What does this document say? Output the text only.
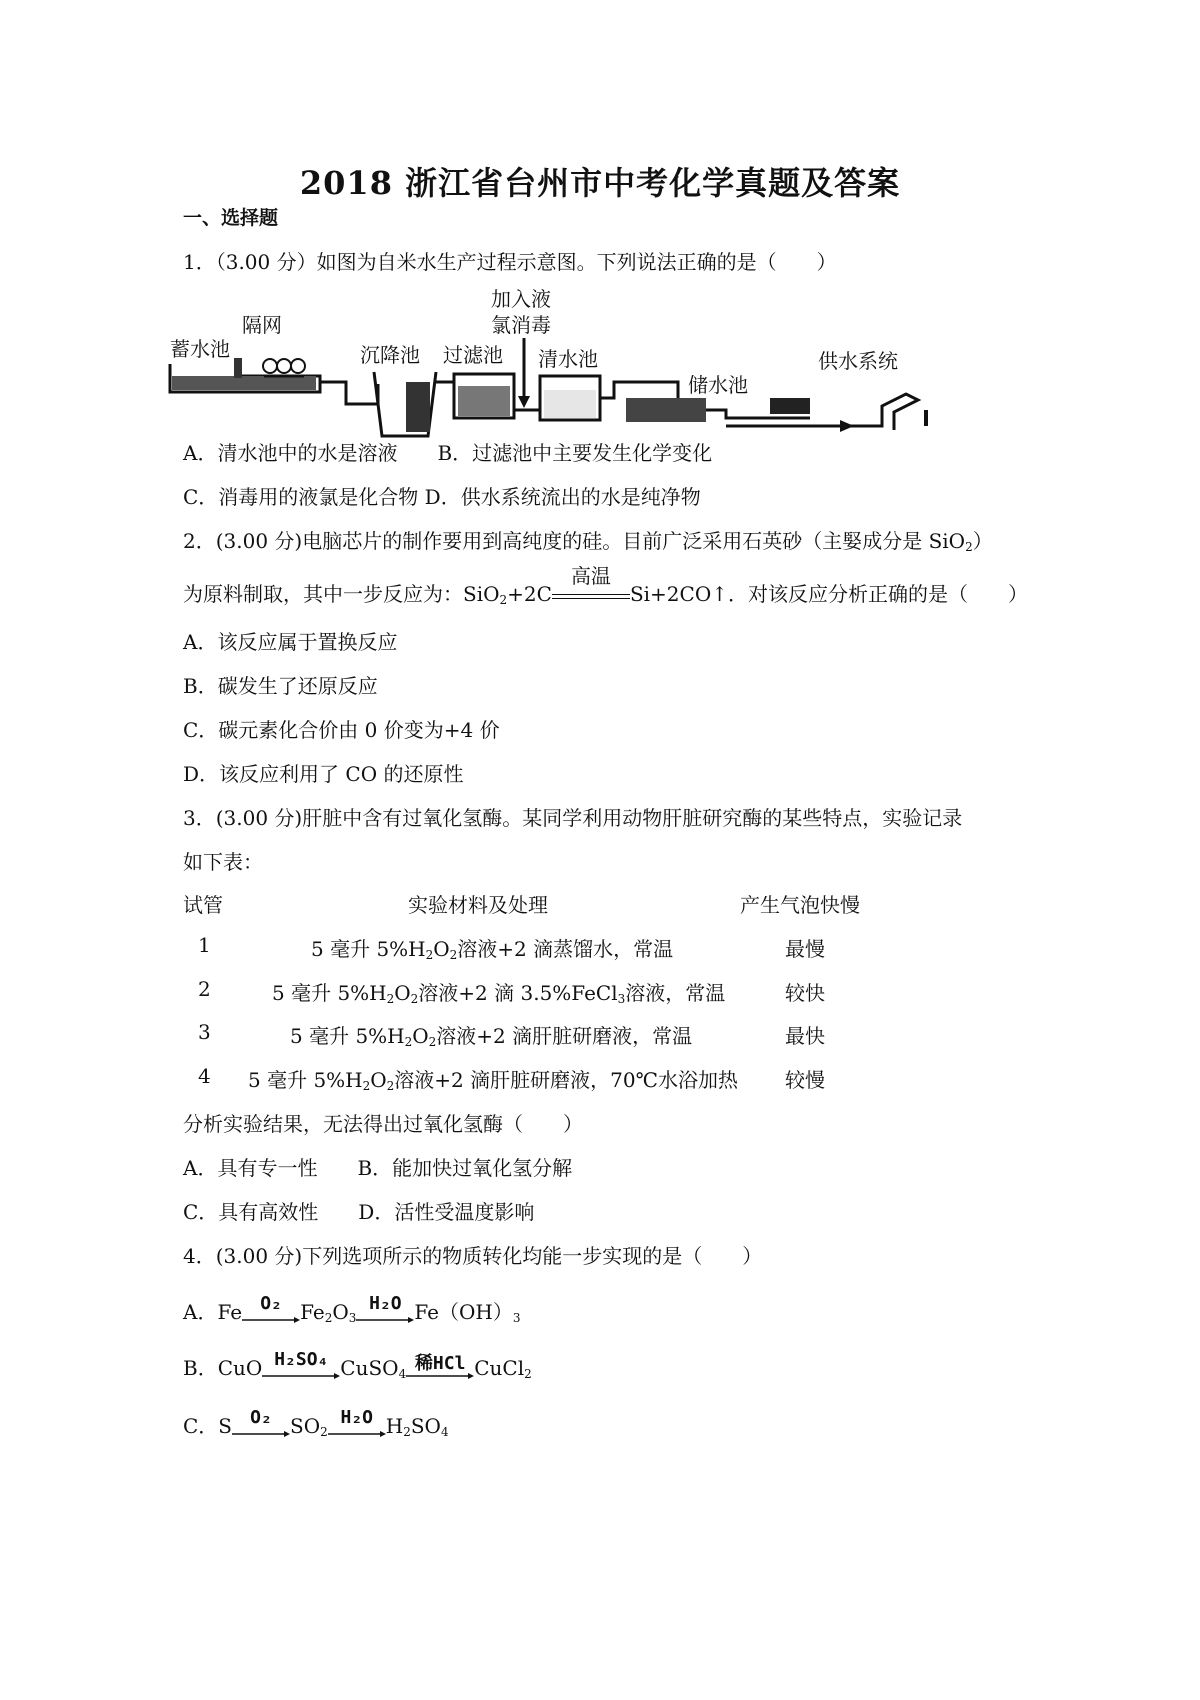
2018 浙江省台州市中考化学真题及答案
一、选择题
1．（3.00 分）如图为自米水生产过程示意图。下列说法正确的是（　　）
蓄水池
隔网
沉降池 过滤池
加入液
氯消毒
清水池
储水池
供水系统
A．清水池中的水是溶液　　B．过滤池中主要发生化学变化
C．消毒用的液氯是化合物 D．供水系统流出的水是纯净物
2．(3.00 分)电脑芯片的制作要用到高纯度的硅。目前广泛采用石英砂（主婜成分是 SiO$_2$）
为原料制取，其中一步反应为：SiO$_2$+2C
高温
Si+2CO↑．对该反应分析正确的是（　　）
A．该反应属于置换反应
B．碳发生了还原反应
C．碳元素化合价由 0 价变为+4 价
D．该反应利用了 CO 的还原性
3．(3.00 分)肝脏中含有过氧化氢酶。某同学利用动物肝脏研究酶的某些特点，实验记录
如下表：
试管	实验材料及处理	产生气泡快慢
1	5 毫升 $5\%H_2O_2$溶液+2 滴蒸馏水，常温	最慢
2	5 毫升 $5\%H_2O_2$溶液+2 滴 3.5%FeCl$_3$溶液，常温	较快
3	5 毫升 $5\%H_2O_2$溶液+2 滴肝脏研磨液，常温	最快
4 5 毫升 $5\%H_2O_2$溶液+2 滴肝脏研磨液，70℃水浴加热 较慢
分析实验结果，无法得出过氧化氢酶（　　）
A．具有专一性　　B．能加快过氧化氢分解
C．具有高效性　　D．活性受温度影响
4．(3.00 分)下列选项所示的物质转化均能一步实现的是（　　）
A．Fe	O₂ $Fe_2O_3$
H₂O $Fe(OH)_3$
B．CuO H₂SO₄ CuSO$_4$ 稀HCl CuCl$_2$
C．S	O₂ $SO_2$
H₂O $H_2SO_4$
